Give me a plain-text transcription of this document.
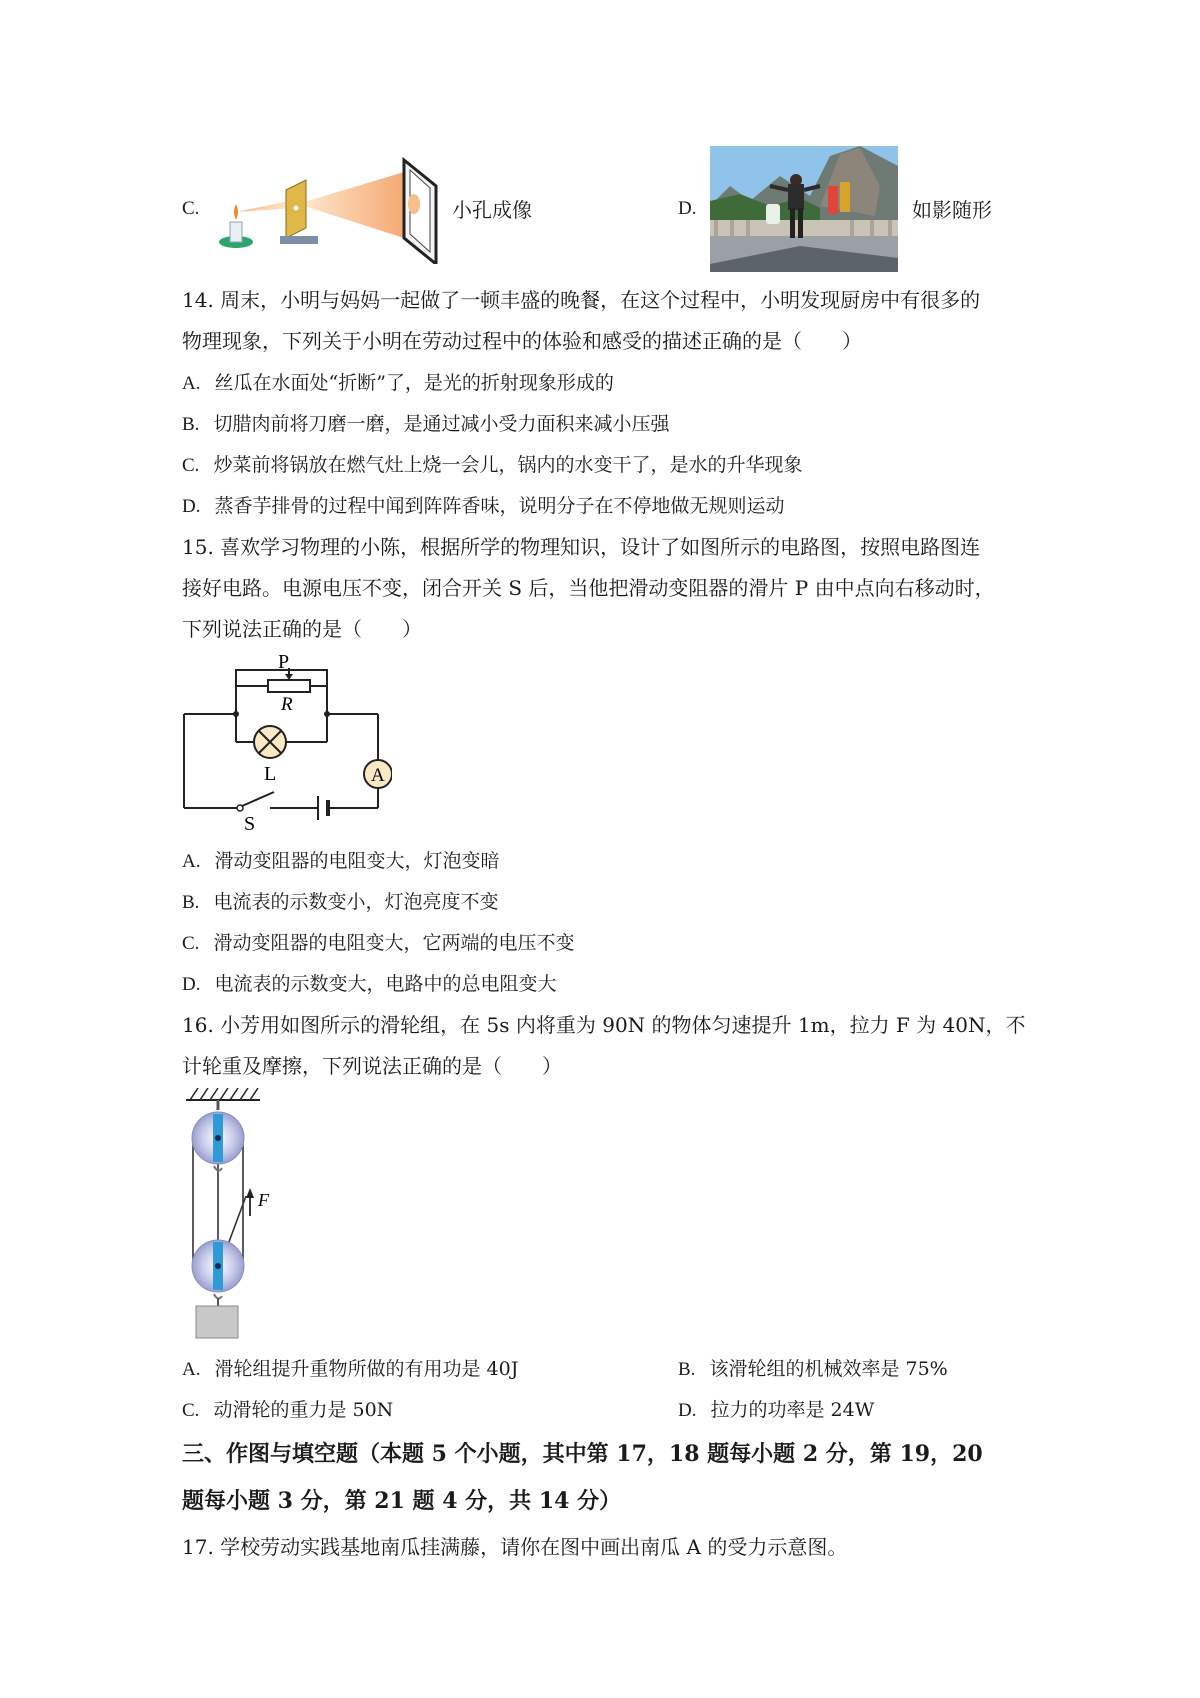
C.	小孔成像	D.	如影随形
14. 周末，小明与妈妈一起做了一顿丰盛的晚餐，在这个过程中，小明发现厨房中有很多的
物理现象，下列关于小明在劳动过程中的体验和感受的描述正确的是（　　）
A. 丝瓜在水面处“折断”了，是光的折射现象形成的
B. 切腊肉前将刀磨一磨，是通过减小受力面积来减小压强
C. 炒菜前将锅放在燃气灶上烧一会儿，锅内的水变干了，是水的升华现象
D. 蒸香芋排骨的过程中闻到阵阵香味，说明分子在不停地做无规则运动
15. 喜欢学习物理的小陈，根据所学的物理知识，设计了如图所示的电路图，按照电路图连
接好电路。电源电压不变，闭合开关 S 后，当他把滑动变阻器的滑片 P 由中点向右移动时，
下列说法正确的是（　　）
P
R
L	A
S
A. 滑动变阻器的电阻变大，灯泡变暗
B. 电流表的示数变小，灯泡亮度不变
C. 滑动变阻器的电阻变大，它两端的电压不变
D. 电流表的示数变大，电路中的总电阻变大
16. 小芳用如图所示的滑轮组，在 5s 内将重为 90N 的物体匀速提升 1m，拉力 F 为 40N，不
计轮重及摩擦，下列说法正确的是（　　）
F
A. 滑轮组提升重物所做的有用功是 40J	B. 该滑轮组的机械效率是 75%
C. 动滑轮的重力是 50N	D. 拉力的功率是 24W
三、作图与填空题（本题 5 个小题，其中第 17，18 题每小题 2 分，第 19，20
题每小题 3 分，第 21 题 4 分，共 14 分）
17. 学校劳动实践基地南瓜挂满藤，请你在图中画出南瓜 A 的受力示意图。
